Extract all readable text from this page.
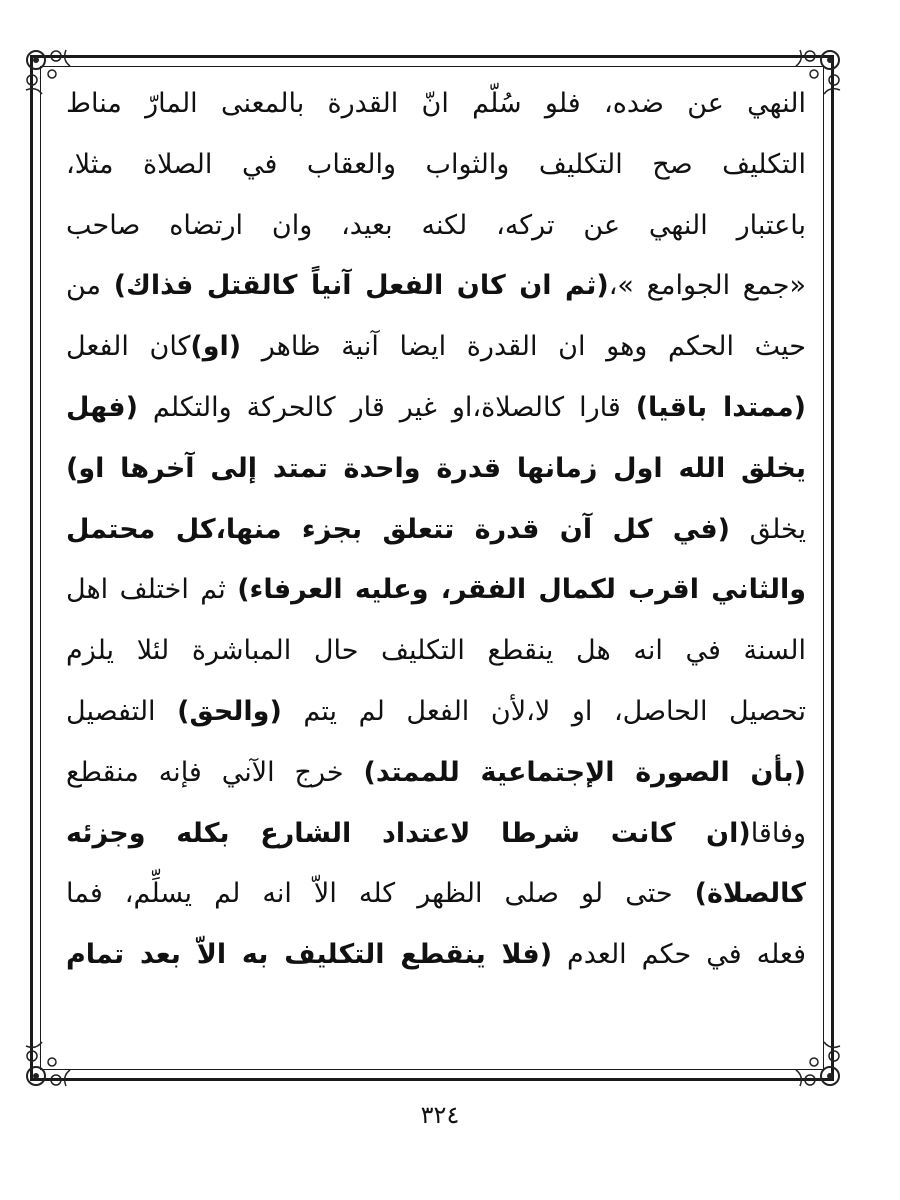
النهي عن ضده، فلو سُلّم انّ القدرة بالمعنى المارّ مناط
التكليف صح التكليف والثواب والعقاب في الصلاة مثلا،
باعتبار النهي عن تركه، لكنه بعيد، وان ارتضاه صاحب
«جمع الجوامع »،(ثم ان كان الفعل آنياً كالقتل فذاك) من
حيث الحكم وهو ان القدرة ايضا آنية ظاهر (او)كان الفعل
(ممتدا باقيا) قارا كالصلاة،او غير قار كالحركة والتكلم (فهل
يخلق الله اول زمانها قدرة واحدة تمتد إلى آخرها او)
يخلق (في كل آن قدرة تتعلق بجزء منها،كل محتمل
والثاني اقرب لكمال الفقر، وعليه العرفاء) ثم اختلف اهل
السنة في انه هل ينقطع التكليف حال المباشرة لئلا يلزم
تحصيل الحاصل، او لا،لأن الفعل لم يتم (والحق) التفصيل
(بأن الصورة الإجتماعية للممتد) خرج الآني فإنه منقطع
وفاقا(ان كانت شرطا لاعتداد الشارع بكله وجزئه
كالصلاة) حتى لو صلى الظهر كله الاّ انه لم يسلِّم، فما
فعله في حكم العدم (فلا ينقطع التكليف به الاّ بعد تمام
٣٢٤
